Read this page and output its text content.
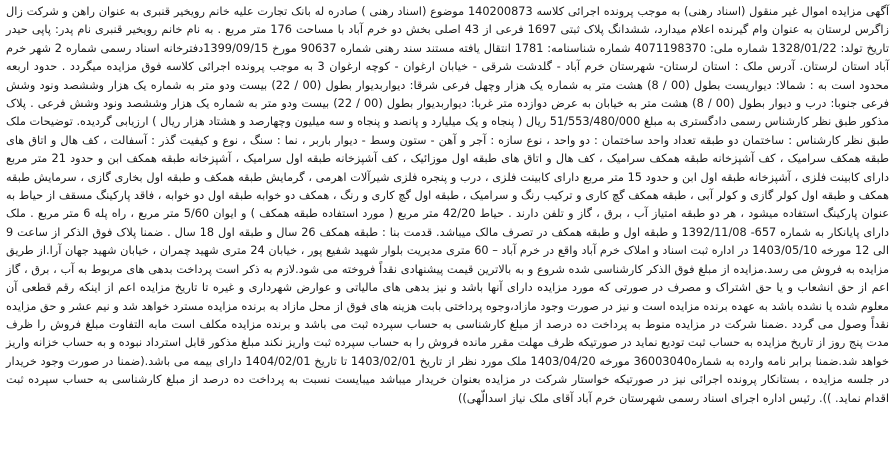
آگهی مزایده اموال غیر منقول (اسناد رهنی) به موجب پرونده اجرائی کلاسه 140200873 موضوع (اسناد رهنی ) صادره له بانک تجارت علیه خانم رویخیر قنبری به عنوان راهن و شرکت زال زاگرس لرستان به عنوان وام گیرنده اعلام میدارد، ششدانگ پلاک ثبتی 1697 فرعی از 43 اصلی بخش دو خرم آباد با مساحت 176 متر مربع . به نام خانم رویخیر قنبری نام پدر: پاپی حیدر تاریخ تولد: 1328/01/22 شماره ملی: 4071198370 شماره شناسنامه: 1781 انتقال یافته مستند سند رهنی شماره 90637 مورخ 1399/09/15دفترخانه اسناد رسمی شماره 2 شهر خرم آباد استان لرستان. آدرس ملک : استان لرستان- شهرستان خرم آباد - گلدشت شرقی - خیابان ارغوان - کوچه ارغوان 3 به موجب پرونده اجرائی کلاسه فوق مزایده میگردد . حدود اربعه محدود است به : شمالا: دیواریست بطول (00 / 8) هشت متر به شماره یک هزار وچهل فرعی شرقا: دیواربدیوار بطول (00 / 22) بیست ودو متر به شماره یک هزار وششصد ونود وشش فرعی جنوبا: درب و دیوار بطول (00 / 8) هشت متر به خیابان به عرض دوازده متر غربا: دیواربدیوار بطول (00 / 22) بیست ودو متر به شماره یک هزار وششصد ونود وشش فرعی . پلاک مذکور طبق نظر کارشناس رسمی دادگستری به مبلغ 51/553/480/000 ریال ( پنجاه و یک میلیارد و پانصد و پنجاه و سه میلیون وچهارصد و هشتاد هزار ریال ) ارزیابی گردیده. توضیحات ملک طبق نظر کارشناس : ساختمان دو طبقه تعداد واحد ساختمان : دو واحد ، نوع سازه : آجر و آهن - ستون وسط - دیوار باربر ، نما : سنگ ، نوع و کیفیت گذر : آسفالت ، کف هال و اتاق های طبقه همکف سرامیک ، کف آشپزخانه طبقه همکف سرامیک ، کف هال و اتاق های طبقه اول موزائیک ، کف آشپزخانه طبقه اول سرامیک ، آشپزخانه طبقه همکف ابن و حدود 21 متر مربع دارای کابینت فلزی ، آشپزخانه طبقه اول ابن و حدود 15 متر مربع دارای کابینت فلزی ، درب و پنجره فلزی شیرآلات اهرمی ، گرمایش طبقه همکف و طبقه اول بخاری گازی ، سرمایش طبقه همکف و طبقه اول کولر گازی و کولر آبی ، طبقه همکف گچ کاری و ترکیب رنگ و سرامیک ، طبقه اول گچ کاری و رنگ ، همکف دو خوابه طبقه اول دو خوابه ، فاقد پارکینگ مسقف از حیاط به عنوان پارکینگ استفاده میشود ، هر دو طبقه امتیاز آب ، برق ، گاز و تلفن دارند . حیاط 42/20 متر مربع ( مورد استفاده طبقه همکف ) و ایوان 5/60 متر مربع ، راه پله 6 متر مربع . ملک دارای پایانکار به شماره 657- 1392/11/08 و طبقه اول و طبقه همکف در تصرف مالک میباشد. قدمت بنا : طبقه همکف 26 سال و طبقه اول 18 سال . ضمنا پلاک فوق الذکر از ساعت 9 الی 12 مورخه 1403/05/10 در اداره ثبت اسناد و املاک خرم آباد واقع در خرم آباد – 60 متری مدیریت بلوار شهید شفیع پور ، خیابان 24 متری شهید چمران ، خیابان شهید جهان آرا.از طریق مزایده به فروش می رسد.مزایده از مبلغ فوق الذکر کارشناسی شده شروع و به بالاترین قیمت پیشنهادی نقداً فروخته می شود.لازم به ذکر است پرداخت بدهی های مربوط به آب ، برق ، گاز اعم از حق انشعاب و یا حق اشتراک و مصرف در صورتی که مورد مزایده دارای آنها باشد و نیز بدهی های مالیاتی و عوارض شهرداری و غیره تا تاریخ مزایده اعم از اینکه رقم قطعی آن معلوم شده یا نشده باشد به عهده برنده مزایده است و نیز در صورت وجود مازاد،وجوه پرداختی بابت هزینه های فوق از محل مازاد به برنده مزایده مسترد خواهد شد و نیم عشر و حق مزایده نقداً وصول می گردد .ضمنا شرکت در مزایده منوط به پرداخت ده درصد از مبلغ کارشناسی به حساب سپرده ثبت می باشد و برنده مزایده مکلف است مابه التفاوت مبلغ فروش را ظرف مدت پنج روز از تاریخ مزایده به حساب ثبت تودیع نماید در صورتیکه ظرف مهلت مقرر مانده فروش را به حساب سپرده ثبت واریز نکند مبلغ مذکور قابل استرداد نبوده و به حساب خزانه واریز خواهد شد.ضمنا برابر نامه وارده به شماره36003040 مورخه 1403/04/20 ملک مورد نظر از تاریخ 1403/02/01 تا تاریخ 1404/02/01 دارای بیمه می باشد.(ضمنا در صورت وجود خریدار در جلسه مزایده ، بستانکار پرونده اجرائی نیز در صورتیکه خواستار شرکت در مزایده بعنوان خریدار میباشد میبایست نسبت به پرداخت ده درصد از مبلغ کارشناسی به حساب سپرده ثبت اقدام نماید. )). رئیس اداره اجرای اسناد رسمی شهرستان خرم آباد آقای ملک نیاز اسدالّهی))
